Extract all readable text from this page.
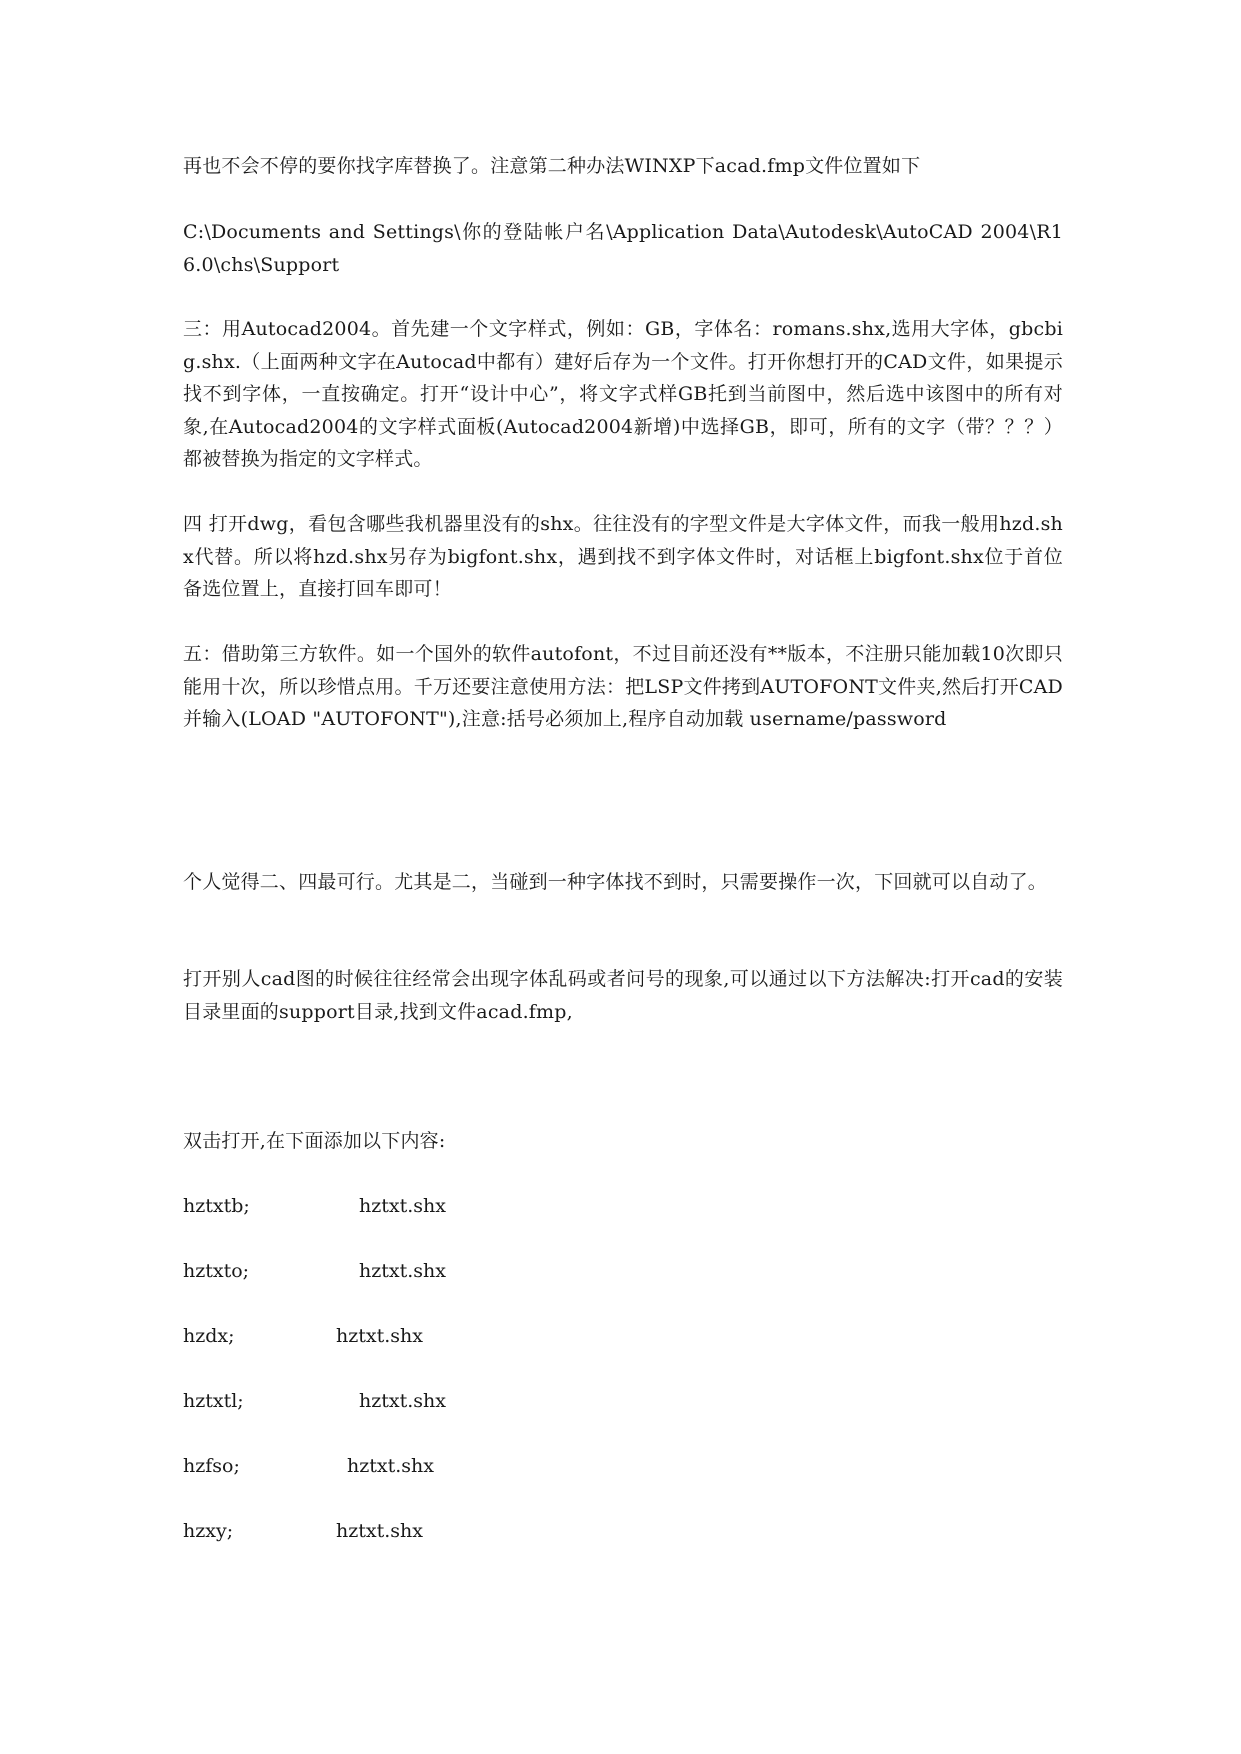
再也不会不停的要你找字库替换了。注意第二种办法WINXP下acad.fmp文件位置如下

C:\Documents and Settings\你的登陆帐户名\Application Data\Autodesk\AutoCAD 2004\R16.0\chs\Support

三：用Autocad2004。首先建一个文字样式，例如：GB，字体名：romans.shx,选用大字体，gbcbig.shx.（上面两种文字在Autocad中都有）建好后存为一个文件。打开你想打开的CAD文件，如果提示找不到字体，一直按确定。打开“设计中心”，将文字式样GB托到当前图中，然后选中该图中的所有对象,在Autocad2004的文字样式面板(Autocad2004新增)中选择GB，即可，所有的文字（带？？？）都被替换为指定的文字样式。

四 打开dwg，看包含哪些我机器里没有的shx。往往没有的字型文件是大字体文件，而我一般用hzd.shx代替。所以将hzd.shx另存为bigfont.shx，遇到找不到字体文件时，对话框上bigfont.shx位于首位备选位置上，直接打回车即可！

五：借助第三方软件。如一个国外的软件autofont，不过目前还没有**版本，不注册只能加载10次即只能用十次，所以珍惜点用。千万还要注意使用方法：把LSP文件拷到AUTOFONT文件夹,然后打开CAD并输入(LOAD "AUTOFONT"),注意:括号必须加上,程序自动加载 username/password

个人觉得二、四最可行。尤其是二，当碰到一种字体找不到时，只需要操作一次，下回就可以自动了。

打开别人cad图的时候往往经常会出现字体乱码或者问号的现象,可以通过以下方法解决:打开cad的安装目录里面的support目录,找到文件acad.fmp,

双击打开,在下面添加以下内容:

hztxtb;	hztxt.shx
hztxto;	hztxt.shx
hzdx;	hztxt.shx
hztxtl;	hztxt.shx
hzfso;	hztxt.shx
hzxy;	hztxt.shx
